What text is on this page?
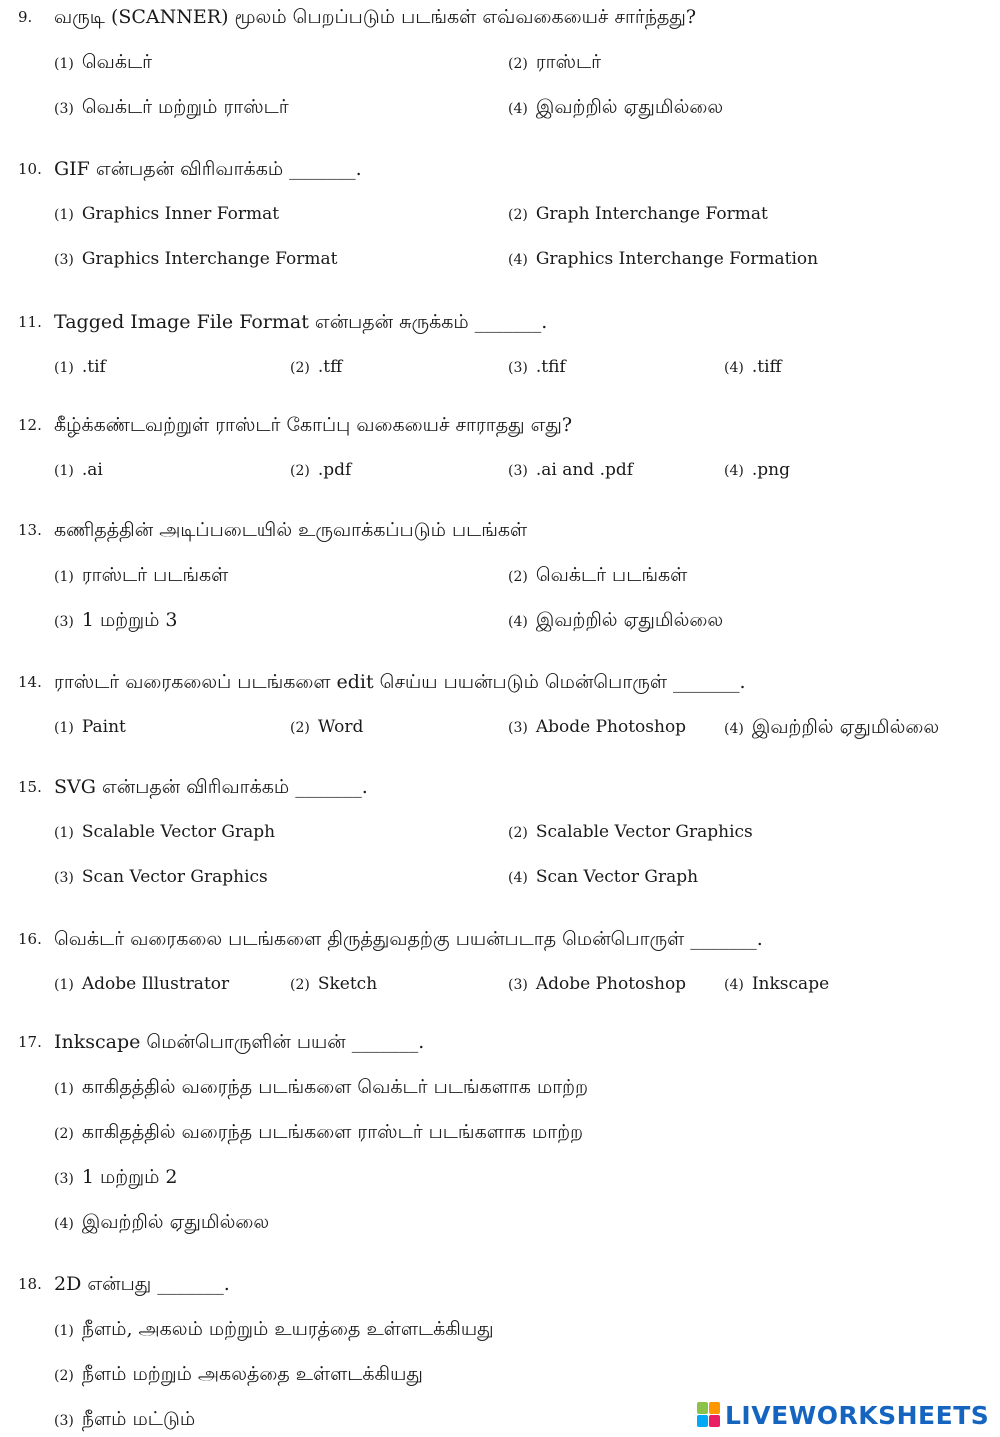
9. வருடி (SCANNER) மூலம் பெறப்படும் படங்கள் எவ்வகையைச் சார்ந்தது?
(1) வெக்டர்	(2) ராஸ்டர்
(3) வெக்டர் மற்றும் ராஸ்டர்	(4) இவற்றில் ஏதுமில்லை
10. GIF என்பதன் விரிவாக்கம் _______.
(1) Graphics Inner Format	(2) Graph Interchange Format
(3) Graphics Interchange Format	(4) Graphics Interchange Formation
11. Tagged Image File Format என்பதன் சுருக்கம் _______.
(1) .tif	(2) .tff	(3) .tfif	(4) .tiff
12. கீழ்க்கண்டவற்றுள் ராஸ்டர் கோப்பு வகையைச் சாராதது எது?
(1) .ai	(2) .pdf	(3) .ai and .pdf	(4) .png
13. கணிதத்தின் அடிப்படையில் உருவாக்கப்படும் படங்கள்
(1) ராஸ்டர் படங்கள்	(2) வெக்டர் படங்கள்
(3) 1 மற்றும் 3	(4) இவற்றில் ஏதுமில்லை
14. ராஸ்டர் வரைகலைப் படங்களை edit செய்ய பயன்படும் மென்பொருள் _______.
(1) Paint	(2) Word	(3) Abode Photoshop	(4) இவற்றில் ஏதுமில்லை
15. SVG என்பதன் விரிவாக்கம் _______.
(1) Scalable Vector Graph	(2) Scalable Vector Graphics
(3) Scan Vector Graphics	(4) Scan Vector Graph
16. வெக்டர் வரைகலை படங்களை திருத்துவதற்கு பயன்படாத மென்பொருள் _______.
(1) Adobe Illustrator	(2) Sketch	(3) Adobe Photoshop	(4) Inkscape
17. Inkscape மென்பொருளின் பயன் _______.
(1) காகிதத்தில் வரைந்த படங்களை வெக்டர் படங்களாக மாற்ற
(2) காகிதத்தில் வரைந்த படங்களை ராஸ்டர் படங்களாக மாற்ற
(3) 1 மற்றும் 2
(4) இவற்றில் ஏதுமில்லை
18. 2D என்பது _______.
(1) நீளம், அகலம் மற்றும் உயரத்தை உள்ளடக்கியது
(2) நீளம் மற்றும் அகலத்தை உள்ளடக்கியது
(3) நீளம் மட்டும்	LIVEWORKSHEETS
